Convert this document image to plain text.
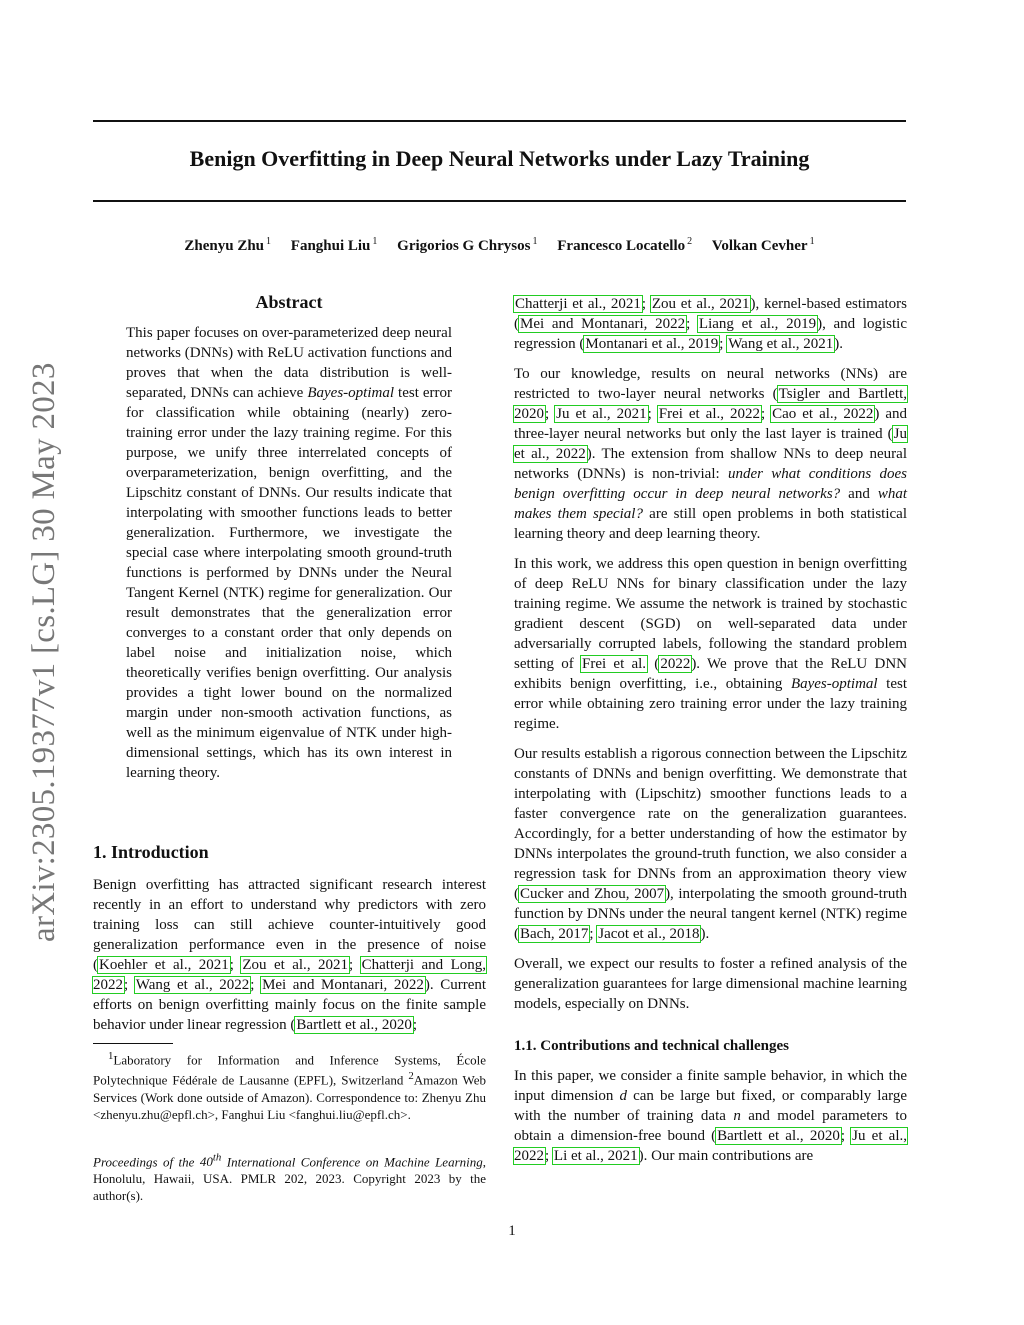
Benign Overfitting in Deep Neural Networks under Lazy Training
Zhenyu Zhu $^1$ Fanghui Liu $^1$ Grigorios G Chrysos $^1$ Francesco Locatello $^2$ Volkan Cevher $^1$
arXiv:2305.19377v1 [cs.LG] 30 May 2023
Abstract
This paper focuses on over-parameterized deep neural networks (DNNs) with ReLU activation functions and proves that when the data distribution is well-separated, DNNs can achieve Bayes-optimal test error for classification while obtaining (nearly) zero-training error under the lazy training regime. For this purpose, we unify three interrelated concepts of overparameterization, benign overfitting, and the Lipschitz constant of DNNs. Our results indicate that interpolating with smoother functions leads to better generalization. Furthermore, we investigate the special case where interpolating smooth ground-truth functions is performed by DNNs under the Neural Tangent Kernel (NTK) regime for generalization. Our result demonstrates that the generalization error converges to a constant order that only depends on label noise and initialization noise, which theoretically verifies benign overfitting. Our analysis provides a tight lower bound on the normalized margin under non-smooth activation functions, as well as the minimum eigenvalue of NTK under high-dimensional settings, which has its own interest in learning theory.
1. Introduction
Benign overfitting has attracted significant research interest recently in an effort to understand why predictors with zero training loss can still achieve counter-intuitively good generalization performance even in the presence of noise (Koehler et al., 2021; Zou et al., 2021; Chatterji and Long, 2022; Wang et al., 2022; Mei and Montanari, 2022). Current efforts on benign overfitting mainly focus on the finite sample behavior under linear regression (Bartlett et al., 2020;
$^1$Laboratory for Information and Inference Systems, École Polytechnique Fédérale de Lausanne (EPFL), Switzerland $^2$Amazon Web Services (Work done outside of Amazon). Correspondence to: Zhenyu Zhu <zhenyu.zhu@epfl.ch>, Fanghui Liu <fanghui.liu@epfl.ch>.
Proceedings of the 40th International Conference on Machine Learning, Honolulu, Hawaii, USA. PMLR 202, 2023. Copyright 2023 by the author(s).

Chatterji et al., 2021; Zou et al., 2021), kernel-based estimators (Mei and Montanari, 2022; Liang et al., 2019), and logistic regression (Montanari et al., 2019; Wang et al., 2021).

To our knowledge, results on neural networks (NNs) are restricted to two-layer neural networks (Tsigler and Bartlett, 2020; Ju et al., 2021; Frei et al., 2022; Cao et al., 2022) and three-layer neural networks but only the last layer is trained (Ju et al., 2022). The extension from shallow NNs to deep neural networks (DNNs) is non-trivial: under what conditions does benign overfitting occur in deep neural networks? and what makes them special? are still open problems in both statistical learning theory and deep learning theory.

In this work, we address this open question in benign overfitting of deep ReLU NNs for binary classification under the lazy training regime. We assume the network is trained by stochastic gradient descent (SGD) on well-separated data under adversarially corrupted labels, following the standard problem setting of Frei et al. (2022). We prove that the ReLU DNN exhibits benign overfitting, i.e., obtaining Bayes-optimal test error while obtaining zero training error under the lazy training regime.

Our results establish a rigorous connection between the Lipschitz constants of DNNs and benign overfitting. We demonstrate that interpolating with (Lipschitz) smoother functions leads to a faster convergence rate on the generalization guarantees. Accordingly, for a better understanding of how the estimator by DNNs interpolates the ground-truth function, we also consider a regression task for DNNs from an approximation theory view (Cucker and Zhou, 2007), interpolating the smooth ground-truth function by DNNs under the neural tangent kernel (NTK) regime (Bach, 2017; Jacot et al., 2018).

Overall, we expect our results to foster a refined analysis of the generalization guarantees for large dimensional machine learning models, especially on DNNs.

1.1. Contributions and technical challenges

In this paper, we consider a finite sample behavior, in which the input dimension d can be large but fixed, or comparably large with the number of training data n and model parameters to obtain a dimension-free bound (Bartlett et al., 2020; Ju et al., 2022; Li et al., 2021). Our main contributions are

1
